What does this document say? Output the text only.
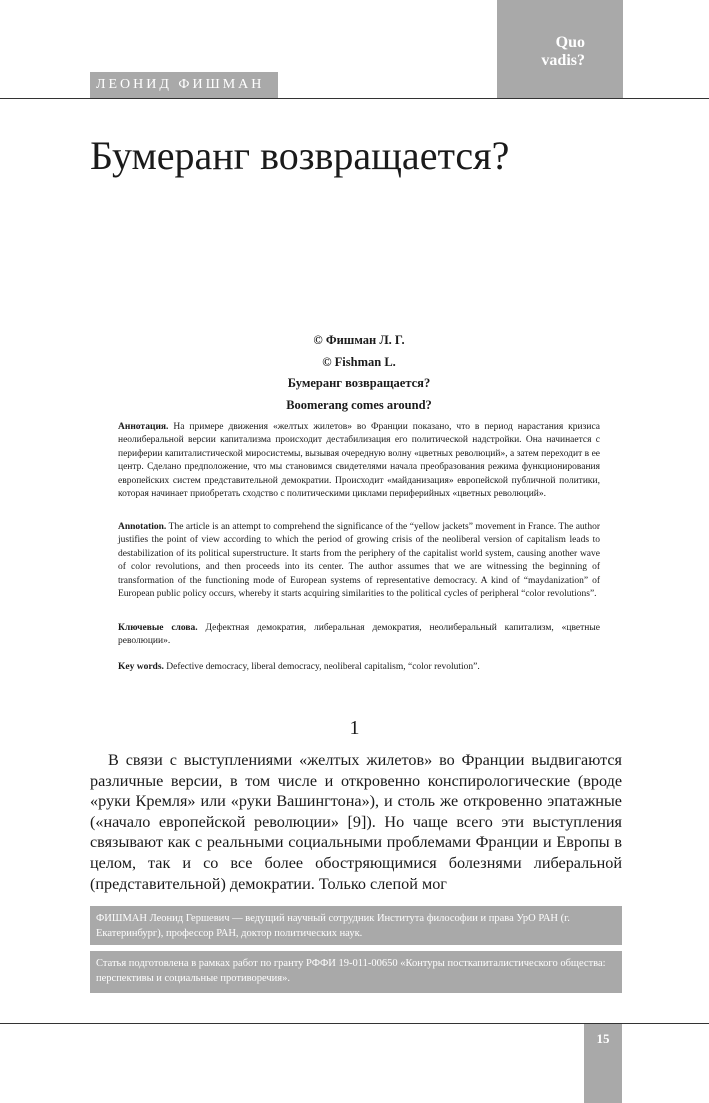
Quo
vadis?
ЛЕОНИД ФИШМАН
Бумеранг возвращается?
© Фишман Л. Г.
© Fishman L.
Бумеранг возвращается?
Boomerang comes around?

Аннотация. На примере движения «желтых жилетов» во Франции показано, что в период нарастания кризиса неолиберальной версии капитализма происходит дестабилизация его политической надстройки. Она начинается с периферии капиталистической миросистемы, вызывая очередную волну «цветных революций», а затем переходит в ее центр. Сделано предположение, что мы становимся свидетелями начала преобразования режима функционирования европейских систем представительной демократии. Происходит «майданизация» европейской публичной политики, которая начинает приобретать сходство с политическими циклами периферийных «цветных революций».

Annotation. The article is an attempt to comprehend the significance of the “yellow jackets” movement in France. The author justifies the point of view according to which the period of growing crisis of the neoliberal version of capitalism leads to destabilization of its political superstructure. It starts from the periphery of the capitalist world system, causing another wave of color revolutions, and then proceeds into its center. The author assumes that we are witnessing the beginning of transformation of the functioning mode of European systems of representative democracy. A kind of “maydanization” of European public policy occurs, whereby it starts acquiring similarities to the political cycles of peripheral “color revolutions”.

Ключевые слова. Дефектная демократия, либеральная демократия, неолиберальный капитализм, «цветные революции».

Key words. Defective democracy, liberal democracy, neoliberal capitalism, “color revolution”.

1

В связи с выступлениями «желтых жилетов» во Франции выдвигаются различные версии, в том числе и откровенно конспирологические (вроде «руки Кремля» или «руки Вашингтона»), и столь же откровенно эпатажные («начало европейской революции» [9]). Но чаще всего эти выступления связывают как с реальными социальными проблемами Франции и Европы в целом, так и со все более обостряющимися болезнями либеральной (представительной) демократии. Только слепой мог

ФИШМАН Леонид Гершевич — ведущий научный сотрудник Института философии и права УрО РАН (г. Екатеринбург), профессор РАН, доктор политических наук.
Статья подготовлена в рамках работ по гранту РФФИ 19-011-00650 «Контуры посткапиталистического общества: перспективы и социальные противоречия».
15
